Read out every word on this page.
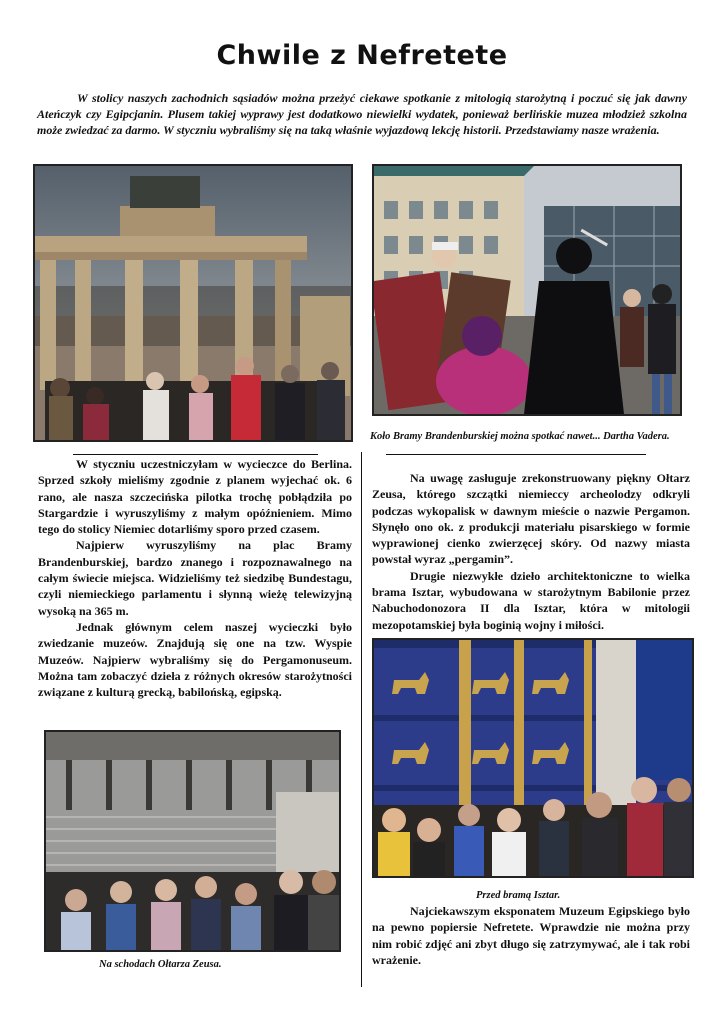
Chwile z Nefretete
W stolicy naszych zachodnich sąsiadów można przeżyć ciekawe spotkanie z mitologią starożytną i poczuć się jak dawny Ateńczyk czy Egipcjanin. Plusem takiej wyprawy jest dodatkowo niewielki wydatek, ponieważ berlińskie muzea młodzież szkolna może zwiedzać za darmo. W styczniu wybraliśmy się na taką właśnie wyjazdową lekcję historii. Przedstawiamy nasze wrażenia.
Koło Bramy Brandenburskiej można spotkać nawet... Dartha Vadera.

W styczniu uczestniczyłam w wycieczce do Berlina. Sprzed szkoły mieliśmy zgodnie z planem wyjechać ok. 6 rano, ale nasza szczecińska pilotka trochę pobłądziła po Stargardzie i wyruszyliśmy z małym opóźnieniem. Mimo tego do stolicy Niemiec dotarliśmy sporo przed czasem.

Najpierw wyruszyliśmy na plac Bramy Brandenburskiej, bardzo znanego i rozpoznawalnego na całym świecie miejsca. Widzieliśmy też siedzibę Bundestagu, czyli niemieckiego parlamentu i słynną wieżę telewizyjną wysoką na 365 m.

Jednak głównym celem naszej wycieczki było zwiedzanie muzeów. Znajdują się one na tzw. Wyspie Muzeów. Najpierw wybraliśmy się do Pergamonuseum. Można tam zobaczyć dzieła z różnych okresów starożytności związane z kulturą grecką, babilońską, egipską.

Na uwagę zasługuje zrekonstruowany piękny Ołtarz Zeusa, którego szczątki niemieccy archeolodzy odkryli podczas wykopalisk w dawnym mieście o nazwie Pergamon. Słynęło ono ok. z produkcji materiału pisarskiego w formie wyprawionej cienko zwierzęcej skóry. Od nazwy miasta powstał wyraz „pergamin”.

Drugie niezwykłe dzieło architektoniczne to wielka brama Isztar, wybudowana w starożytnym Babilonie przez Nabuchodonozora II dla Isztar, która w mitologii mezopotamskiej była boginią wojny i miłości.

Na schodach Ołtarza Zeusa.
Przed bramą Isztar.

Najciekawszym eksponatem Muzeum Egipskiego było na pewno popiersie Nefretete. Wprawdzie nie można przy nim robić zdjęć ani zbyt długo się zatrzymywać, ale i tak robi wrażenie.
